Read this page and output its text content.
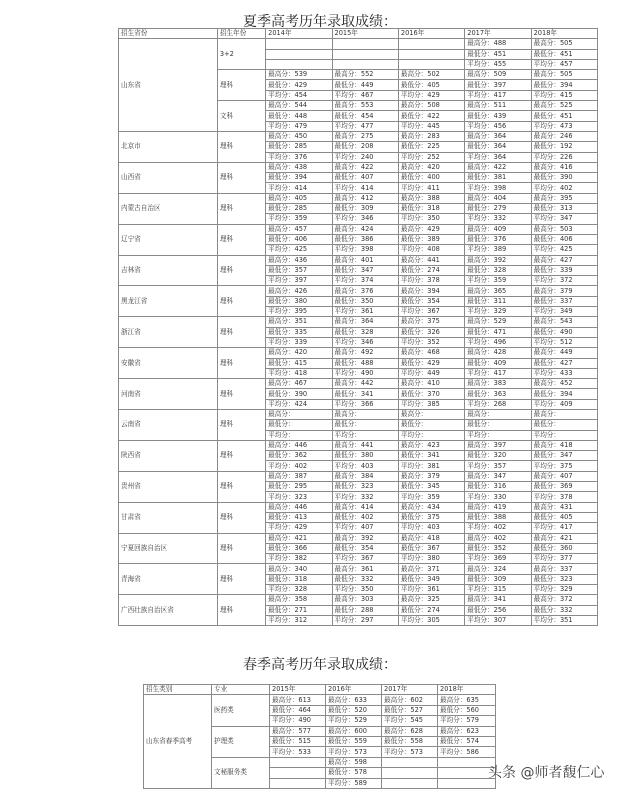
夏季高考历年录取成绩：
招生省份	招生年份	2014年	2015年	2016年	2017年	2018年

山东省	3+2				最高分：488	最高分：505
					最低分：451	最低分：451
					平均分：455	平均分：457
	理科	最高分：539	最高分：552	最高分：502	最高分：509	最高分：505
		最低分：429	最低分：449	最低分：405	最低分：397	最低分：394
		平均分：454	平均分：467	平均分：429	平均分：417	平均分：415
	文科	最高分：544	最高分：553	最高分：508	最高分：511	最高分：525
		最低分：448	最低分：454	最低分：422	最低分：439	最低分：451
		平均分：479	平均分：477	平均分：445	平均分：456	平均分：473
北京市	理科	最高分：450	最高分：275	最高分：283	最高分：364	最高分：246
		最低分：285	最低分：208	最低分：225	最低分：364	最低分：192
		平均分：376	平均分：240	平均分：252	平均分：364	平均分：226
山西省	理科	最高分：438	最高分：422	最高分：420	最高分：422	最高分：416
		最低分：394	最低分：407	最低分：400	最低分：381	最低分：390
		平均分：414	平均分：414	平均分：411	平均分：398	平均分：402
内蒙古自治区	理科	最高分：405	最高分：412	最高分：388	最高分：404	最高分：395
		最低分：285	最低分：309	最低分：318	最低分：279	最低分：313
		平均分：359	平均分：346	平均分：350	平均分：332	平均分：347
辽宁省	理科	最高分：457	最高分：424	最高分：429	最高分：409	最高分：503
		最低分：406	最低分：386	最低分：389	最低分：376	最低分：406
		平均分：425	平均分：398	平均分：408	平均分：389	平均分：425
吉林省	理科	最高分：436	最高分：401	最高分：441	最高分：392	最高分：427
		最低分：357	最低分：347	最低分：274	最低分：328	最低分：339
		平均分：397	平均分：374	平均分：378	平均分：359	平均分：372
黑龙江省	理科	最高分：426	最高分：376	最高分：394	最高分：365	最高分：379
		最低分：380	最低分：350	最低分：354	最低分：311	最低分：337
		平均分：395	平均分：361	平均分：367	平均分：329	平均分：349
浙江省	理科	最高分：351	最高分：364	最高分：375	最高分：529	最高分：543
		最低分：335	最低分：328	最低分：326	最低分：471	最低分：490
		平均分：339	平均分：346	平均分：352	平均分：496	平均分：512
安徽省	理科	最高分：420	最高分：492	最高分：468	最高分：428	最高分：449
		最低分：415	最低分：488	最低分：429	最低分：409	最低分：427
		平均分：418	平均分：490	平均分：449	平均分：417	平均分：433
河南省	理科	最高分：467	最高分：442	最高分：410	最高分：383	最高分：452
		最低分：390	最低分：341	最低分：370	最低分：363	最低分：394
		平均分：424	平均分：366	平均分：385	平均分：268	平均分：409
云南省	理科	最高分：	最高分：	最高分：	最高分：	最高分：
		最低分：	最低分：	最低分：	最低分：	最低分：
		平均分：	平均分：	平均分：	平均分：	平均分：
陕西省	理科	最高分：446	最高分：441	最高分：423	最高分：397	最高分：418
		最低分：362	最低分：380	最低分：341	最低分：320	最低分：347
		平均分：402	平均分：403	平均分：381	平均分：357	平均分：375
贵州省	理科	最高分：387	最高分：384	最高分：379	最高分：347	最高分：407
		最低分：295	最低分：323	最低分：345	最低分：316	最低分：369
		平均分：323	平均分：332	平均分：359	平均分：330	平均分：378
甘肃省	理科	最高分：446	最高分：414	最高分：434	最高分：419	最高分：431
		最低分：413	最低分：402	最低分：375	最低分：388	最低分：405
		平均分：429	平均分：407	平均分：403	平均分：402	平均分：417
宁夏回族自治区	理科	最高分：421	最高分：392	最高分：418	最高分：402	最高分：421
		最低分：366	最低分：354	最低分：367	最低分：352	最低分：360
		平均分：382	平均分：367	平均分：380	平均分：369	平均分：377
青海省	理科	最高分：340	最高分：361	最高分：371	最高分：324	最高分：337
		最低分：318	最低分：332	最低分：349	最低分：309	最低分：323
		平均分：328	平均分：350	平均分：361	平均分：315	平均分：329
广西壮族自治区省	理科	最高分：358	最高分：303	最高分：325	最高分：341	最高分：372
		最低分：271	最低分：288	最低分：274	最低分：256	最低分：332
		平均分：312	平均分：297	平均分：305	平均分：307	平均分：351
春季高考历年录取成绩：
招生类别	专业	2015年	2016年	2017年	2018年
山东省春季高考	医药类	最高分：613	最高分：633	最高分：602	最高分：635
		最低分：464	最低分：520	最低分：527	最低分：560
		平均分：490	平均分：529	平均分：545	平均分：579
	护理类	最高分：577	最高分：600	最高分：628	最高分：623
		最低分：515	最低分：559	最低分：558	最低分：574
		平均分：533	平均分：573	平均分：573	平均分：586
	文秘服务类		最高分：598		
			最低分：578		
			平均分：589		
头条 @师者馥仁心
